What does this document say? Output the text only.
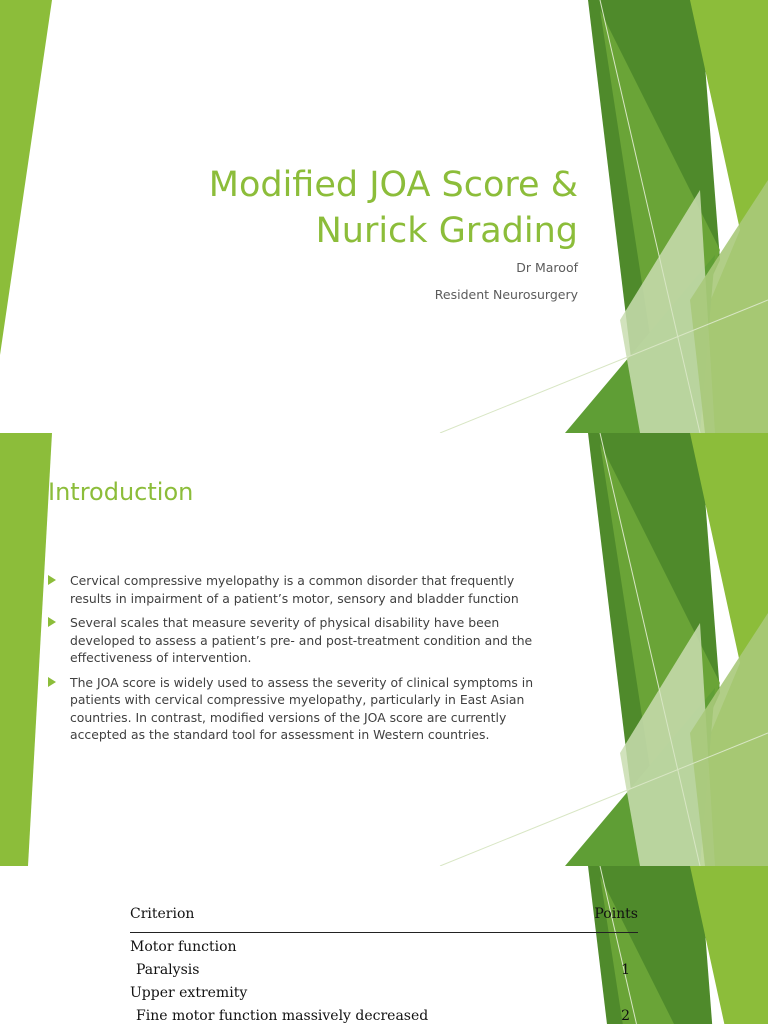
Modified JOA Score &
Nurick Grading

Dr Maroof

Resident Neurosurgery

Introduction
Cervical compressive myelopathy is a common disorder that frequently results in impairment of a patient’s motor, sensory and bladder function
Several scales that measure severity of physical disability have been developed to assess a patient’s pre- and post-treatment condition and the effectiveness of intervention.
The JOA score is widely used to assess the severity of clinical symptoms in patients with cervical compressive myelopathy, particularly in East Asian countries. In contrast, modified versions of the JOA score are currently accepted as the standard tool for assessment in Western countries.
Criterion	Points
Motor function
Paralysis	1
Upper extremity
Fine motor function massively decreased	2
